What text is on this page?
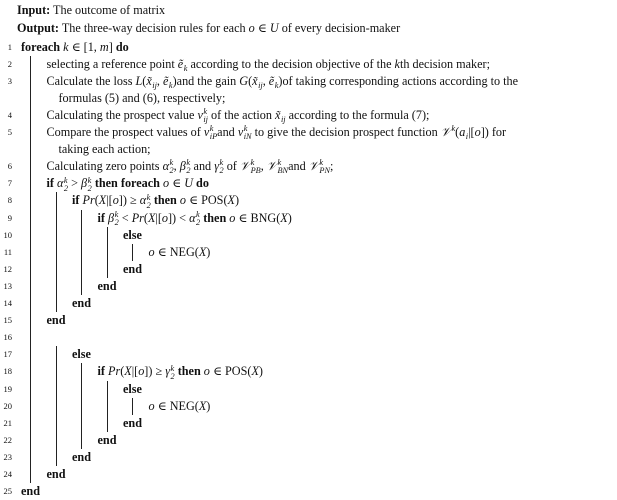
Input: The outcome of matrix
Output: The three-way decision rules for each o ∈ U of every decision-maker
1 foreach k ∈ [1, m] do
2	selecting a reference point ẽ k according to the decision objective of the kth decision maker;
3	Calculate the loss L(x̃ ij , ẽ k )and the gain G(x̃ ij , ẽ k )of taking corresponding actions according to the
formulas (5) and (6), respectively;
4	Calculating the prospect value ν k
ij of the action x̃ ij according to the formula (7);
5	Compare the prospect values of ν k
iP and ν k
iN to give the decision prospect function 𝒱 k (a i |[o]) for
taking each action;
6	Calculating zero points α k
2 , β k
2 and γ k
2 of 𝒱 k
PB , 𝒱 k
BN and 𝒱 k
PN ;
7	if α k
2 > β k
2 then foreach o ∈ U do
8	if Pr(X|[o]) ≥ α k
2 then o ∈ POS(X)
9	if β k
2 < Pr(X|[o]) < α k
2 then o ∈ BNG(X)
10	else
11	o ∈ NEG(X)
12	end
13	end
14	end
15	end
16
17	else
18	if Pr(X|[o]) ≥ γ k
2 then o ∈ POS(X)
19	else
20	o ∈ NEG(X)
21	end
22	end
23	end
24	end
25 end
